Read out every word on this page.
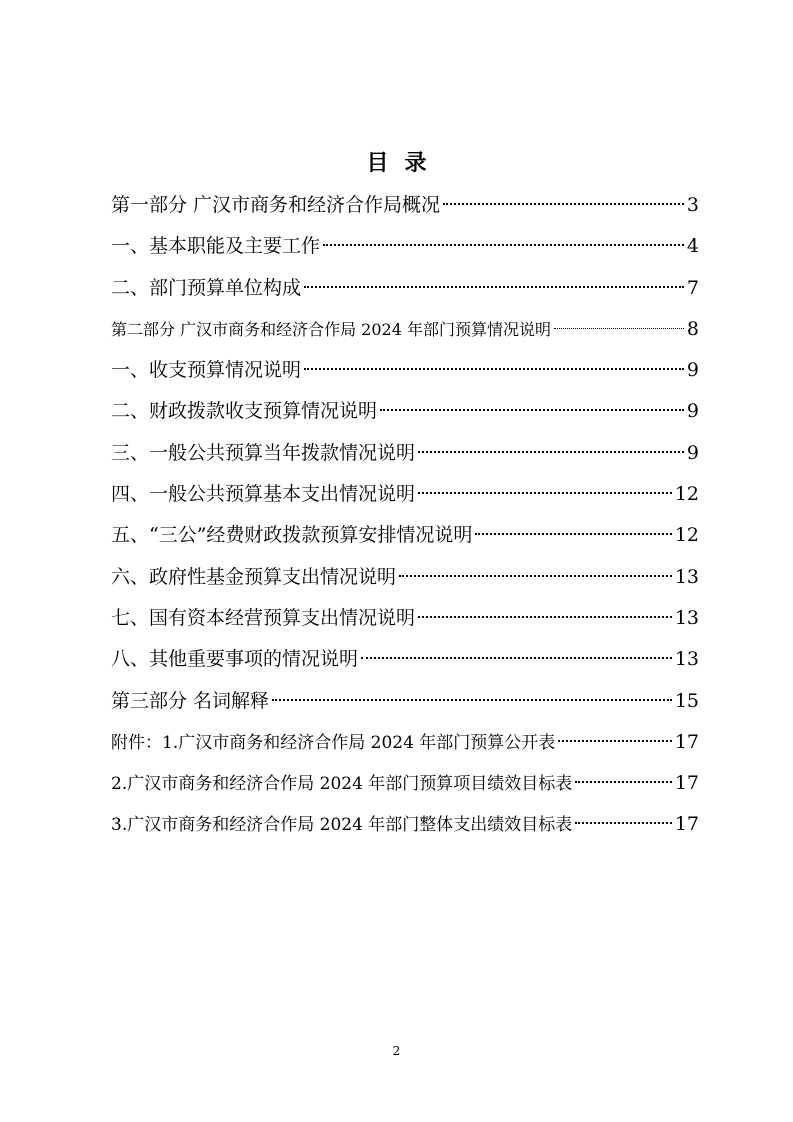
目录
第一部分 广汉市商务和经济合作局概况	3
一、基本职能及主要工作	4
二、部门预算单位构成	7
第二部分 广汉市商务和经济合作局 2024 年部门预算情况说明	8
一、收支预算情况说明	9
二、财政拨款收支预算情况说明	9
三、一般公共预算当年拨款情况说明	9
四、一般公共预算基本支出情况说明	12
五、“三公”经费财政拨款预算安排情况说明	12
六、政府性基金预算支出情况说明	13
七、国有资本经营预算支出情况说明	13
八、其他重要事项的情况说明	13
第三部分 名词解释	15
附件：1.广汉市商务和经济合作局 2024 年部门预算公开表	17
2.广汉市商务和经济合作局 2024 年部门预算项目绩效目标表	17
3.广汉市商务和经济合作局 2024 年部门整体支出绩效目标表	17
2
